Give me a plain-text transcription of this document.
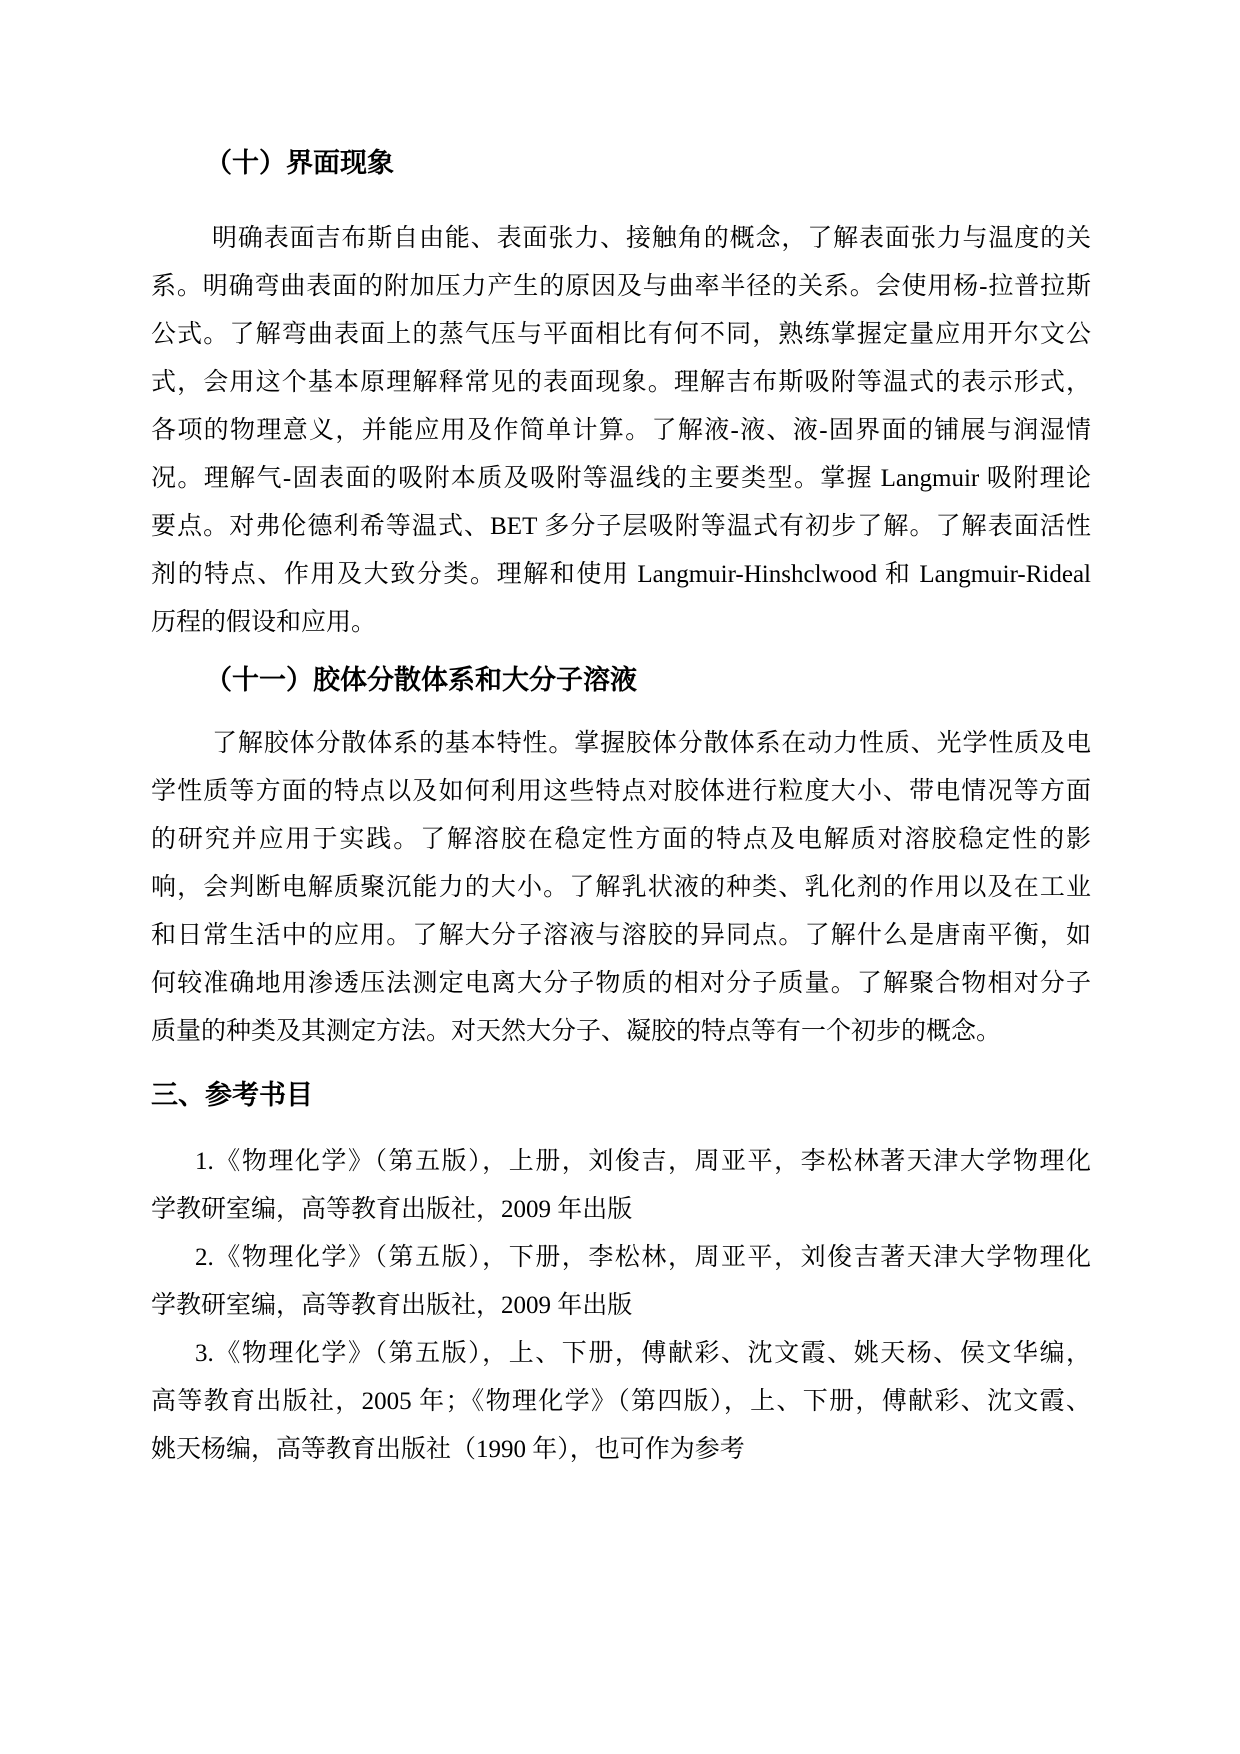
（十）界面现象
明确表面吉布斯自由能、表面张力、接触角的概念，了解表面张力与温度的关
系。明确弯曲表面的附加压力产生的原因及与曲率半径的关系。会使用杨-拉普拉斯
公式。了解弯曲表面上的蒸气压与平面相比有何不同，熟练掌握定量应用开尔文公
式，会用这个基本原理解释常见的表面现象。理解吉布斯吸附等温式的表示形式，
各项的物理意义，并能应用及作简单计算。了解液-液、液-固界面的铺展与润湿情
况。理解气-固表面的吸附本质及吸附等温线的主要类型。掌握 Langmuir 吸附理论
要点。对弗伦德利希等温式、BET 多分子层吸附等温式有初步了解。了解表面活性
剂的特点、作用及大致分类。理解和使用 Langmuir-Hinshclwood 和 Langmuir-Rideal
历程的假设和应用。
（十一）胶体分散体系和大分子溶液
了解胶体分散体系的基本特性。掌握胶体分散体系在动力性质、光学性质及电
学性质等方面的特点以及如何利用这些特点对胶体进行粒度大小、带电情况等方面
的研究并应用于实践。了解溶胶在稳定性方面的特点及电解质对溶胶稳定性的影
响，会判断电解质聚沉能力的大小。了解乳状液的种类、乳化剂的作用以及在工业
和日常生活中的应用。了解大分子溶液与溶胶的异同点。了解什么是唐南平衡，如
何较准确地用渗透压法测定电离大分子物质的相对分子质量。了解聚合物相对分子
质量的种类及其测定方法。对天然大分子、凝胶的特点等有一个初步的概念。
三、参考书目
1.《物理化学》（第五版），上册，刘俊吉，周亚平，李松林著天津大学物理化
学教研室编，高等教育出版社，2009 年出版
2.《物理化学》（第五版），下册，李松林，周亚平，刘俊吉著天津大学物理化
学教研室编，高等教育出版社，2009 年出版
3.《物理化学》（第五版），上、下册，傅献彩、沈文霞、姚天杨、侯文华编，
高等教育出版社，2005 年；《物理化学》（第四版），上、下册，傅献彩、沈文霞、
姚天杨编，高等教育出版社（1990 年），也可作为参考
